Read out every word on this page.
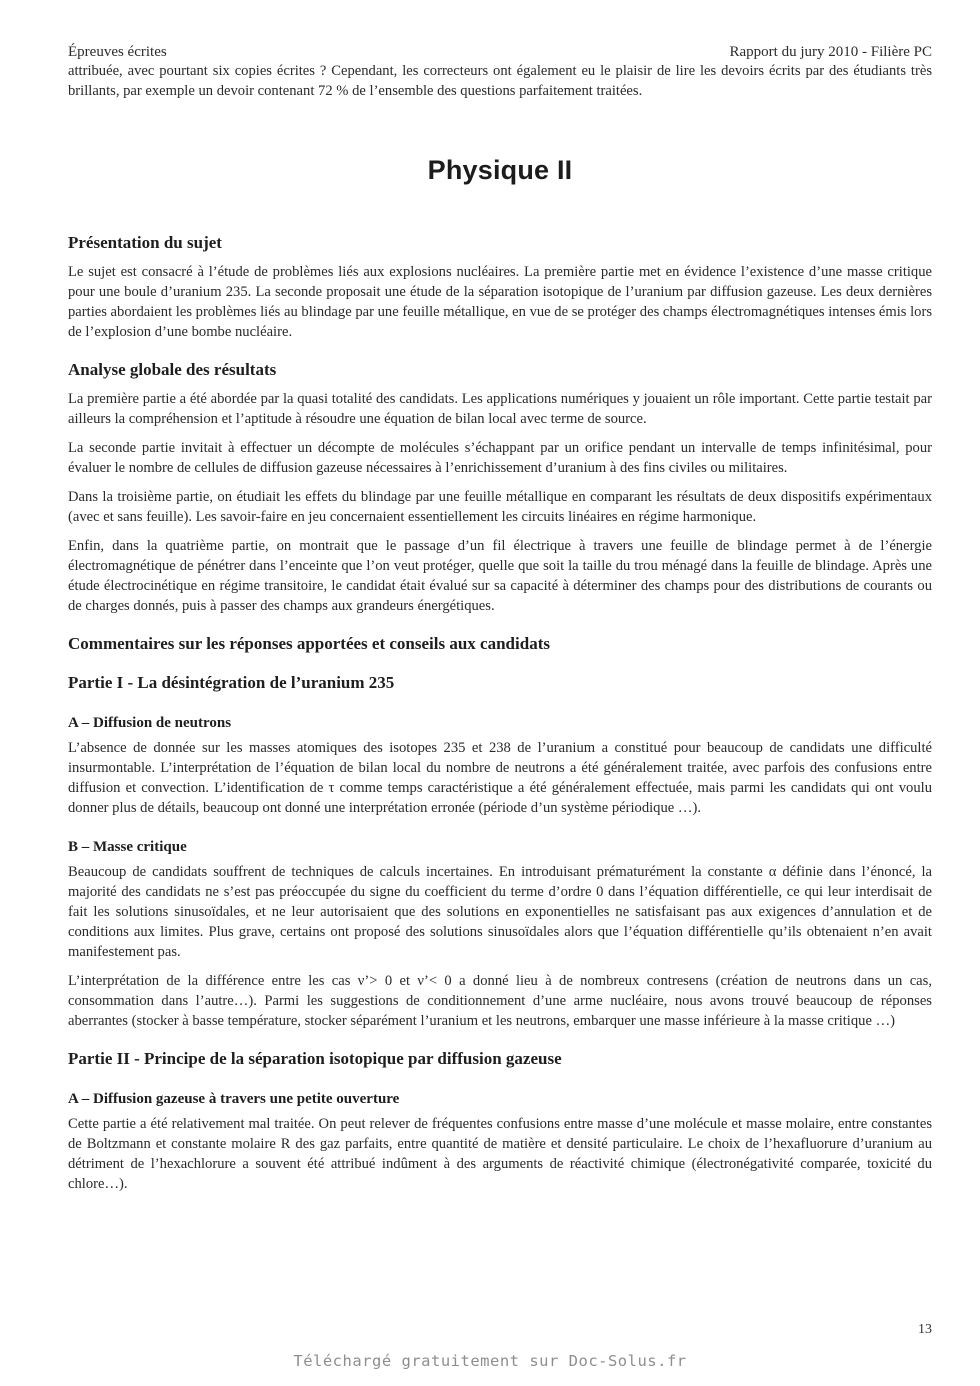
Épreuves écrites	Rapport du jury 2010 - Filière PC

attribuée, avec pourtant six copies écrites ? Cependant, les correcteurs ont également eu le plaisir de lire les devoirs écrits par des étudiants très brillants, par exemple un devoir contenant 72 % de l’ensemble des questions parfaitement traitées.

Physique II
Présentation du sujet

Le sujet est consacré à l’étude de problèmes liés aux explosions nucléaires. La première partie met en évidence l’existence d’une masse critique pour une boule d’uranium 235. La seconde proposait une étude de la séparation isotopique de l’uranium par diffusion gazeuse. Les deux dernières parties abordaient les problèmes liés au blindage par une feuille métallique, en vue de se protéger des champs électromagnétiques intenses émis lors de l’explosion d’une bombe nucléaire.

Analyse globale des résultats

La première partie a été abordée par la quasi totalité des candidats. Les applications numériques y jouaient un rôle important. Cette partie testait par ailleurs la compréhension et l’aptitude à résoudre une équation de bilan local avec terme de source.

La seconde partie invitait à effectuer un décompte de molécules s’échappant par un orifice pendant un intervalle de temps infinitésimal, pour évaluer le nombre de cellules de diffusion gazeuse nécessaires à l’enrichissement d’uranium à des fins civiles ou militaires.

Dans la troisième partie, on étudiait les effets du blindage par une feuille métallique en comparant les résultats de deux dispositifs expérimentaux (avec et sans feuille). Les savoir-faire en jeu concernaient essentiellement les circuits linéaires en régime harmonique.

Enfin, dans la quatrième partie, on montrait que le passage d’un fil électrique à travers une feuille de blindage permet à de l’énergie électromagnétique de pénétrer dans l’enceinte que l’on veut protéger, quelle que soit la taille du trou ménagé dans la feuille de blindage. Après une étude électrocinétique en régime transitoire, le candidat était évalué sur sa capacité à déterminer des champs pour des distributions de courants ou de charges donnés, puis à passer des champs aux grandeurs énergétiques.

Commentaires sur les réponses apportées et conseils aux candidats
Partie I - La désintégration de l’uranium 235
A – Diffusion de neutrons

L’absence de donnée sur les masses atomiques des isotopes 235 et 238 de l’uranium a constitué pour beaucoup de candidats une difficulté insurmontable. L’interprétation de l’équation de bilan local du nombre de neutrons a été généralement traitée, avec parfois des confusions entre diffusion et convection. L’identification de τ comme temps caractéristique a été généralement effectuée, mais parmi les candidats qui ont voulu donner plus de détails, beaucoup ont donné une interprétation erronée (période d’un système périodique …).

B – Masse critique

Beaucoup de candidats souffrent de techniques de calculs incertaines. En introduisant prématurément la constante α définie dans l’énoncé, la majorité des candidats ne s’est pas préoccupée du signe du coefficient du terme d’ordre 0 dans l’équation différentielle, ce qui leur interdisait de fait les solutions sinusoïdales, et ne leur autorisaient que des solutions en exponentielles ne satisfaisant pas aux exigences d’annulation et de conditions aux limites. Plus grave, certains ont proposé des solutions sinusoïdales alors que l’équation différentielle qu’ils obtenaient n’en avait manifestement pas.

L’interprétation de la différence entre les cas ν’> 0 et ν’< 0 a donné lieu à de nombreux contresens (création de neutrons dans un cas, consommation dans l’autre…). Parmi les suggestions de conditionnement d’une arme nucléaire, nous avons trouvé beaucoup de réponses aberrantes (stocker à basse température, stocker séparément l’uranium et les neutrons, embarquer une masse inférieure à la masse critique …)

Partie II - Principe de la séparation isotopique par diffusion gazeuse
A – Diffusion gazeuse à travers une petite ouverture

Cette partie a été relativement mal traitée. On peut relever de fréquentes confusions entre masse d’une molécule et masse molaire, entre constantes de Boltzmann et constante molaire R des gaz parfaits, entre quantité de matière et densité particulaire. Le choix de l’hexafluorure d’uranium au détriment de l’hexachlorure a souvent été attribué indûment à des arguments de réactivité chimique (électronégativité comparée, toxicité du chlore…).

13
Téléchargé gratuitement sur Doc-Solus.fr
